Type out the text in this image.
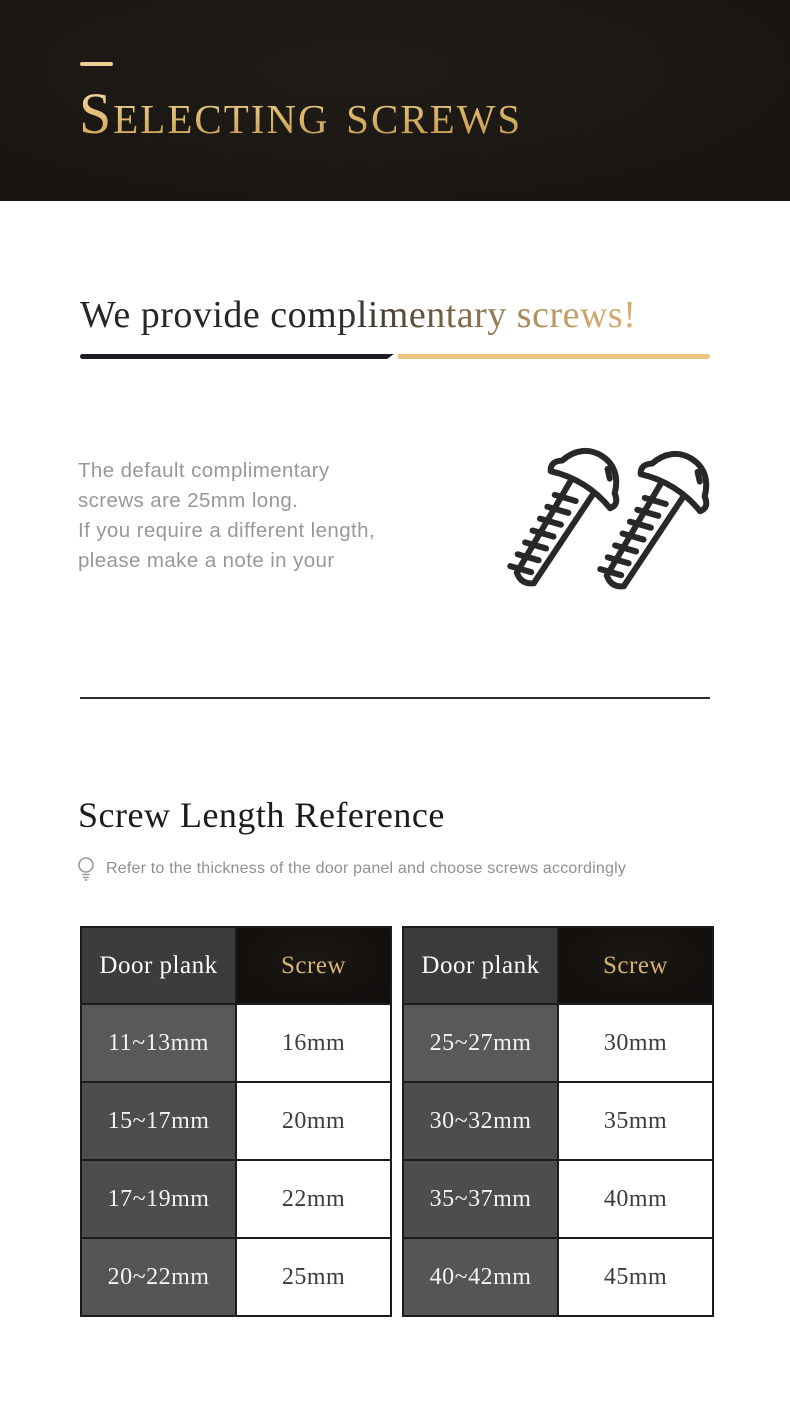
Selecting screws
We provide complimentary screws!
The default complimentary
screws are 25mm long.
If you require a different length,
please make a note in your
Screw Length Reference
Refer to the thickness of the door panel and choose screws accordingly
Door plank	Screw
11~13mm	16mm
15~17mm	20mm
17~19mm	22mm
20~22mm	25mm
Door plank	Screw
25~27mm	30mm
30~32mm	35mm
35~37mm	40mm
40~42mm	45mm
